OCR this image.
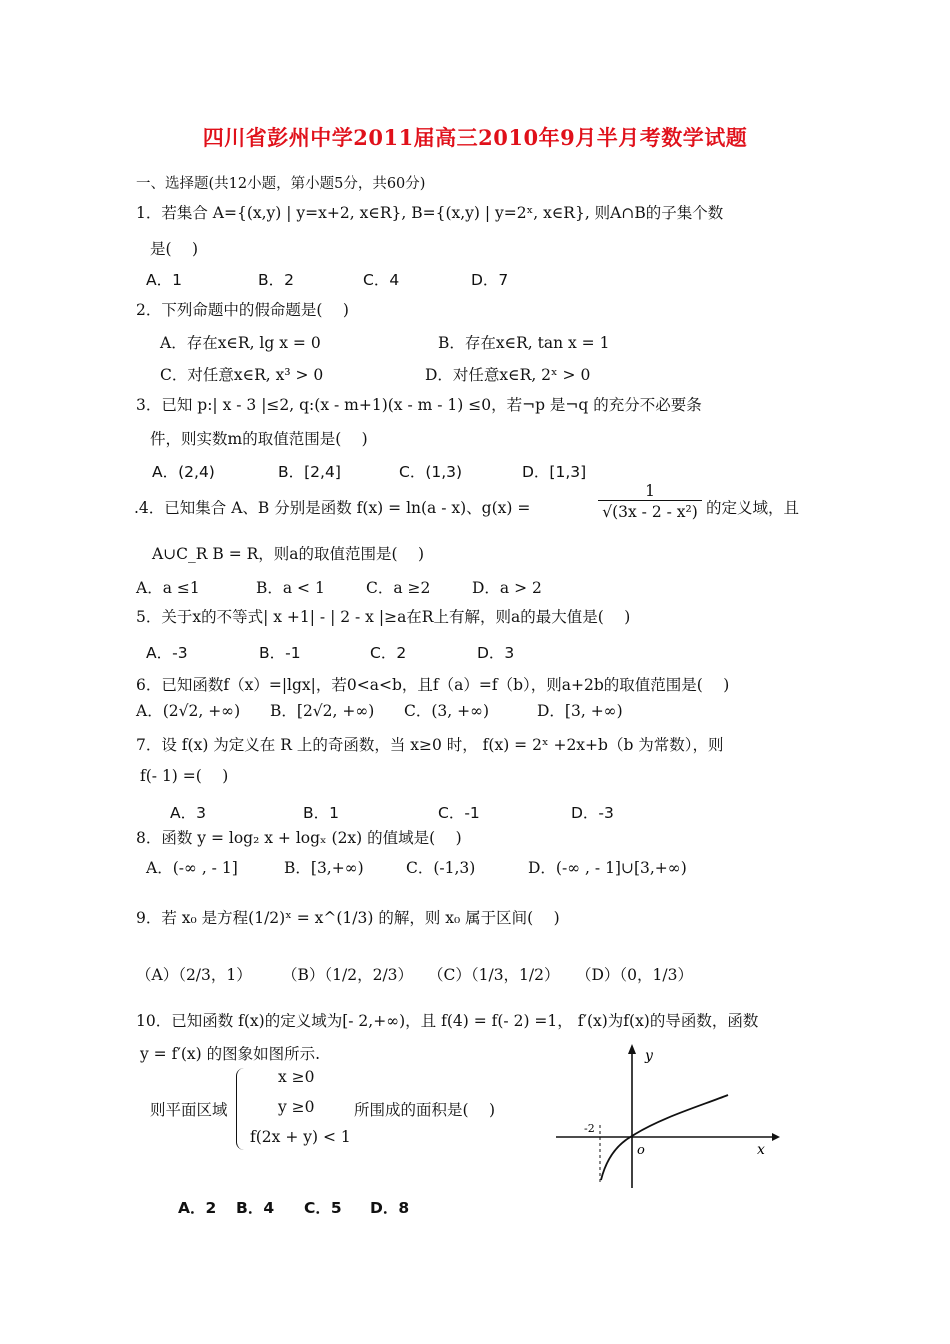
四川省彭州中学2011届高三2010年9月半月考数学试题
一、选择题(共12小题，第小题5分，共60分)
1．若集合 A={(x,y) | y=x+2, x∈R}, B={(x,y) | y=2ˣ, x∈R}, 则A∩B的子集个数
是(　 )
A．1	B．2	C．4	D．7
2．下列命题中的假命题是(　 )
A．存在x∈R, lg x = 0	B．存在x∈R, tan x = 1
C．对任意x∈R, x³ > 0	D．对任意x∈R, 2ˣ > 0
3．已知 p:| x - 3 |≤2, q:(x - m+1)(x - m - 1) ≤0，若¬p 是¬q 的充分不必要条
件，则实数m的取值范围是(　 )
A．(2,4)	B．[2,4]	C．(1,3)	D．[1,3]
.4．已知集合 A、B 分别是函数 f(x) = ln(a - x)、g(x) =	$\frac{1}{\text{√(3x - 2 - x²)}}$ 的定义域，且
A∪C_R B = R，则a的取值范围是(　 )
A．a ≤1	B．a < 1	C．a ≥2	D．a > 2
5．关于x的不等式| x +1| - | 2 - x |≥a在R上有解，则a的最大值是(　 )
A．-3	B．-1	C．2	D．3
6．已知函数f（x）=|lgx|，若0<a<b，且f（a）=f（b），则a+2b的取值范围是(　 )
A．(2√2, +∞) B．[2√2, +∞) C．(3, +∞)	D．[3, +∞)
7．设 f(x) 为定义在 R 上的奇函数，当 x≥0 时， f(x) = 2ˣ +2x+b（b 为常数），则
f(- 1) =(　 )
A．3	B．1	C．-1	D．-3
8．函数 y = log₂ x + logₓ (2x) 的值域是(　 )
A．(-∞ , - 1]	B．[3,+∞)	C．(-1,3)	D．(-∞ , - 1]∪[3,+∞)
9．若 x₀ 是方程(1/2)ˣ = x^(1/3) 的解，则 x₀ 属于区间(　 )
（A）（2/3，1） （B）（1/2，2/3） （C）（1/3，1/2） （D）（0，1/3）
10．已知函数 f(x)的定义域为[- 2,+∞)，且 f(4) = f(- 2) =1， f′(x)为f(x)的导函数，函数
y = f′(x) 的图象如图所示.
则平面区域
x ≥0
y ≥0
f(2x + y) < 1
所围成的面积是(　 )
y
x
o
-2
A．2 B．4 C．5 D．8
